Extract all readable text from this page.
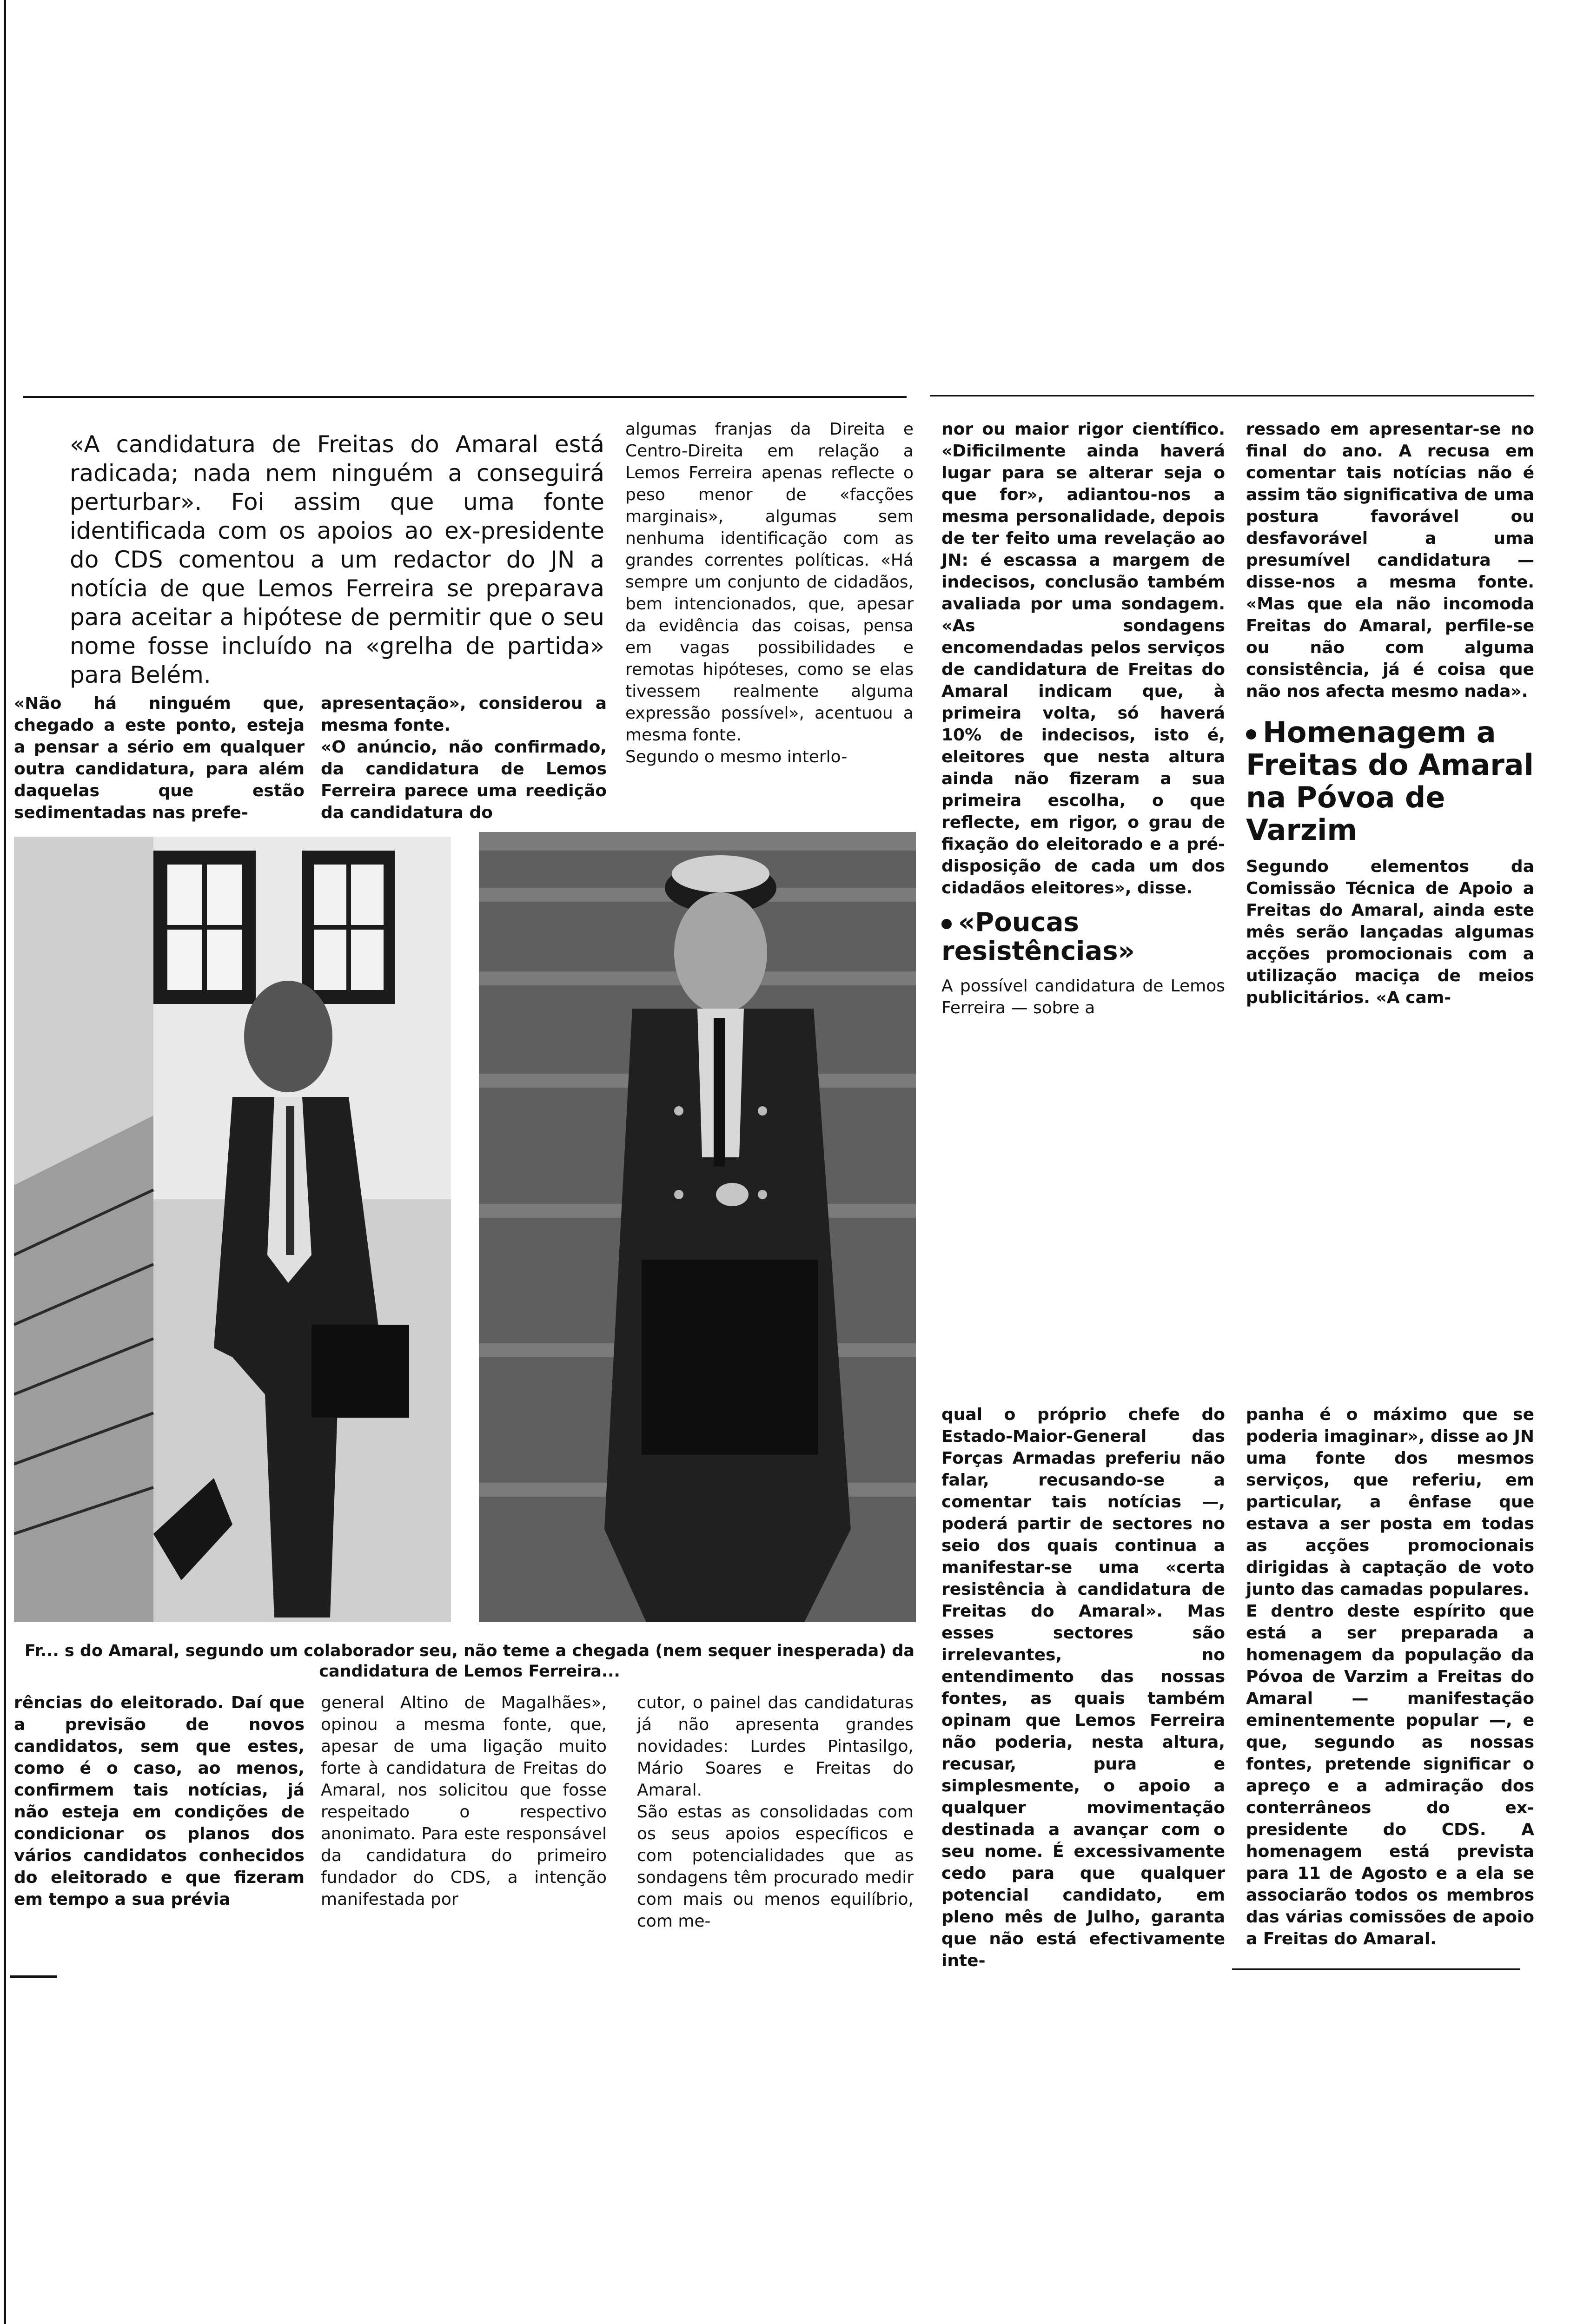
«A candidatura de Freitas do Amaral está radicada; nada nem ninguém a conseguirá perturbar». Foi assim que uma fonte identificada com os apoios ao ex-presidente do CDS comentou a um redactor do JN a notícia de que Lemos Ferreira se preparava para aceitar a hipótese de permitir que o seu nome fosse incluído na «grelha de partida» para Belém.
«Não há ninguém que, chegado a este ponto, esteja a pensar a sério em qualquer outra candidatura, para além daquelas que estão sedimentadas nas prefe-
apresentação», considerou a mesma fonte.
«O anúncio, não confirmado, da candidatura de Lemos Ferreira parece uma reedição da candidatura do
algumas franjas da Direita e Centro-Direita em relação a Lemos Ferreira apenas reflecte o peso menor de «facções marginais», algumas sem nenhuma identificação com as grandes correntes políticas. «Há sempre um conjunto de cidadãos, bem intencionados, que, apesar da evidência das coisas, pensa em vagas possibilidades e remotas hipóteses, como se elas tivessem realmente alguma expressão possível», acentuou a mesma fonte.
Segundo o mesmo interlo-
nor ou maior rigor científico. «Dificilmente ainda haverá lugar para se alterar seja o que for», adiantou-nos a mesma personalidade, depois de ter feito uma revelação ao JN: é escassa a margem de indecisos, conclusão também avaliada por uma sondagem. «As sondagens encomendadas pelos serviços de candidatura de Freitas do Amaral indicam que, à primeira volta, só haverá 10% de indecisos, isto é, eleitores que nesta altura ainda não fizeram a sua primeira escolha, o que reflecte, em rigor, o grau de fixação do eleitorado e a pré-disposição de cada um dos cidadãos eleitores», disse.
«Poucas resistências»
A possível candidatura de Lemos Ferreira — sobre a
ressado em apresentar-se no final do ano. A recusa em comentar tais notícias não é assim tão significativa de uma postura favorável ou desfavorável a uma presumível candidatura — disse-nos a mesma fonte. «Mas que ela não incomoda Freitas do Amaral, perfile-se ou não com alguma consistência, já é coisa que não nos afecta mesmo nada».
Homenagem a Freitas do Amaral na Póvoa de Varzim
Segundo elementos da Comissão Técnica de Apoio a Freitas do Amaral, ainda este mês serão lançadas algumas acções promocionais com a utilização maciça de meios publicitários. «A cam-
Fr... s do Amaral, segundo um colaborador seu, não teme a chegada (nem sequer inesperada) da candidatura de Lemos Ferreira...
rências do eleitorado. Daí que a previsão de novos candidatos, sem que estes, como é o caso, ao menos, confirmem tais notícias, já não esteja em condições de condicionar os planos dos vários candidatos conhecidos do eleitorado e que fizeram em tempo a sua prévia
general Altino de Magalhães», opinou a mesma fonte, que, apesar de uma ligação muito forte à candidatura de Freitas do Amaral, nos solicitou que fosse respeitado o respectivo anonimato. Para este responsável da candidatura do primeiro fundador do CDS, a intenção manifestada por
cutor, o painel das candidaturas já não apresenta grandes novidades: Lurdes Pintasilgo, Mário Soares e Freitas do Amaral.
São estas as consolidadas com os seus apoios específicos e com potencialidades que as sondagens têm procurado medir com mais ou menos equilíbrio, com me-
qual o próprio chefe do Estado-Maior-General das Forças Armadas preferiu não falar, recusando-se a comentar tais notícias —, poderá partir de sectores no seio dos quais continua a manifestar-se uma «certa resistência à candidatura de Freitas do Amaral». Mas esses sectores são irrelevantes, no entendimento das nossas fontes, as quais também opinam que Lemos Ferreira não poderia, nesta altura, recusar, pura e simplesmente, o apoio a qualquer movimentação destinada a avançar com o seu nome. É excessivamente cedo para que qualquer potencial candidato, em pleno mês de Julho, garanta que não está efectivamente inte-
panha é o máximo que se poderia imaginar», disse ao JN uma fonte dos mesmos serviços, que referiu, em particular, a ênfase que estava a ser posta em todas as acções promocionais dirigidas à captação de voto junto das camadas populares.
E dentro deste espírito que está a ser preparada a homenagem da população da Póvoa de Varzim a Freitas do Amaral — manifestação eminentemente popular —, e que, segundo as nossas fontes, pretende significar o apreço e a admiração dos conterrâneos do ex-presidente do CDS. A homenagem está prevista para 11 de Agosto e a ela se associarão todos os membros das várias comissões de apoio a Freitas do Amaral.
